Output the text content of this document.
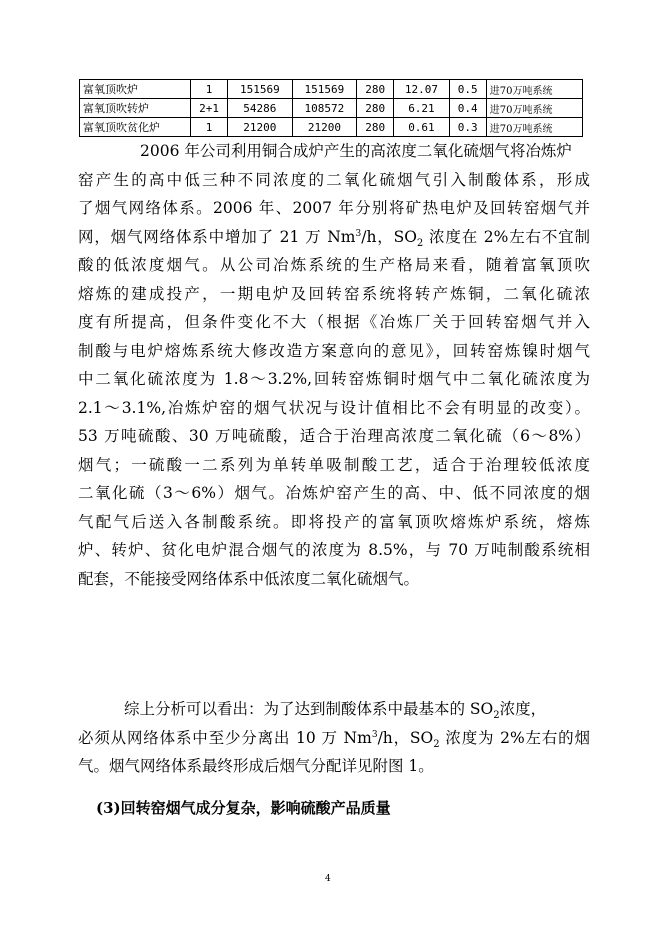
富氧顶吹炉	1	151569	151569	280	12.07	0.5	进70万吨系统
富氧顶吹转炉	2+1	54286	108572	280	6.21	0.4	进70万吨系统
富氧顶吹贫化炉	1	21200	21200	280	0.61	0.3	进70万吨系统
2006 年公司利用铜合成炉产生的高浓度二氧化硫烟气将冶炼炉
窑产生的高中低三种不同浓度的二氧化硫烟气引入制酸体系，形成
了烟气网络体系。2006 年、2007 年分别将矿热电炉及回转窑烟气并
网，烟气网络体系中增加了 21 万 Nm$^3$/h，$SO_2$ 浓度在 2%左右不宜制
酸的低浓度烟气。从公司冶炼系统的生产格局来看，随着富氧顶吹
熔炼的建成投产，一期电炉及回转窑系统将转产炼铜，二氧化硫浓
度有所提高，但条件变化不大（根据《冶炼厂关于回转窑烟气并入
制酸与电炉熔炼系统大修改造方案意向的意见》，回转窑炼镍时烟气
中二氧化硫浓度为 1.8～3.2%,回转窑炼铜时烟气中二氧化硫浓度为
2.1～3.1%,冶炼炉窑的烟气状况与设计值相比不会有明显的改变）。
53 万吨硫酸、30 万吨硫酸，适合于治理高浓度二氧化硫（6～8%）
烟气；一硫酸一二系列为单转单吸制酸工艺，适合于治理较低浓度
二氧化硫（3～6%）烟气。冶炼炉窑产生的高、中、低不同浓度的烟
气配气后送入各制酸系统。即将投产的富氧顶吹熔炼炉系统，熔炼
炉、转炉、贫化电炉混合烟气的浓度为 8.5%，与 70 万吨制酸系统相
配套，不能接受网络体系中低浓度二氧化硫烟气。
综上分析可以看出：为了达到制酸体系中最基本的 $SO_2$浓度，
必须从网络体系中至少分离出 10 万 Nm$^3$/h，$SO_2$ 浓度为 2%左右的烟
气。烟气网络体系最终形成后烟气分配详见附图 1。
(3)回转窑烟气成分复杂，影响硫酸产品质量
4
